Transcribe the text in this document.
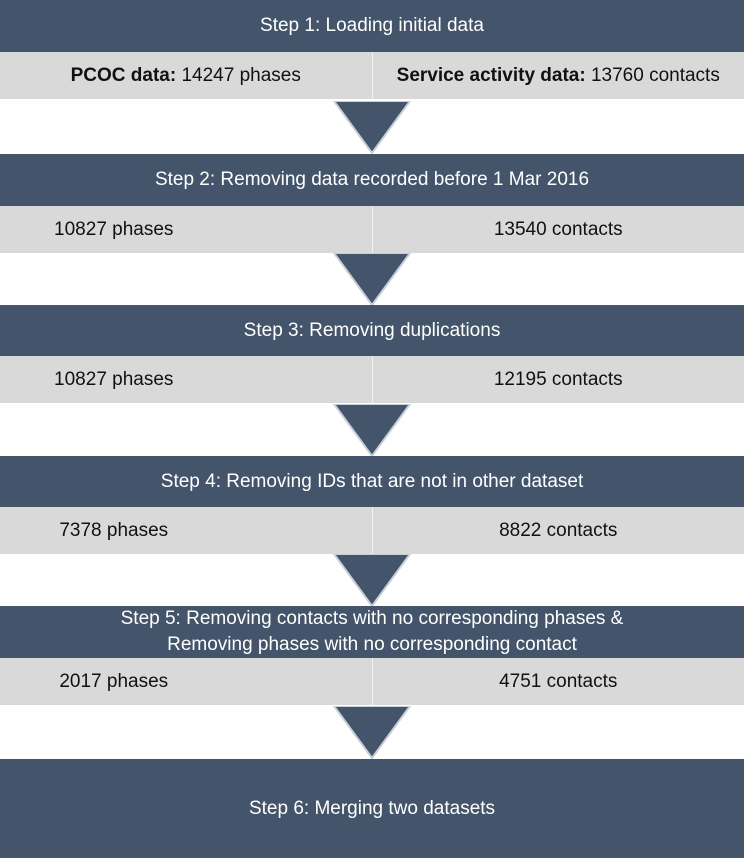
Step 1: Loading initial data
PCOC data: 14247 phases	Service activity data: 13760 contacts
Step 2: Removing data recorded before 1 Mar 2016
10827 phases	13540 contacts
Step 3: Removing duplications
10827 phases	12195 contacts
Step 4: Removing IDs that are not in other dataset
7378 phases	8822 contacts
Step 5: Removing contacts with no corresponding phases &
Removing phases with no corresponding contact
2017 phases	4751 contacts
Step 6: Merging two datasets
